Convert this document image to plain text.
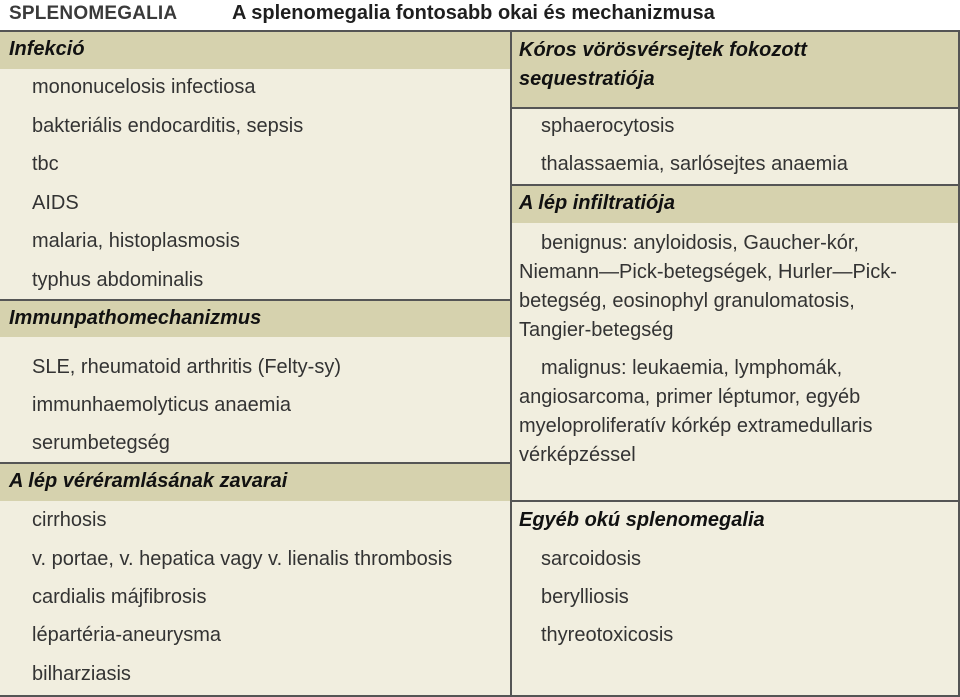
SPLENOMEGALIA	A splenomegalia fontosabb okai és mechanizmusa
Infekció
mononucelosis infectiosa
bakteriális endocarditis, sepsis
tbc
AIDS
malaria, histoplasmosis
typhus abdominalis
Immunpathomechanizmus
SLE, rheumatoid arthritis (Felty-sy)
immunhaemolyticus anaemia
serumbetegség
A lép véréramlásának zavarai
cirrhosis
v. portae, v. hepatica vagy v. lienalis thrombosis
cardialis májfibrosis
lépartéria-aneurysma
bilharziasis
Kóros vörösvérsejtek fokozott
sequestratiója
sphaerocytosis
thalassaemia, sarlósejtes anaemia
A lép infiltratiója
benignus: anyloidosis, Gaucher-kór,
Niemann—Pick-betegségek, Hurler—Pick-
betegség, eosinophyl granulomatosis,
Tangier-betegség
malignus: leukaemia, lymphomák,
angiosarcoma, primer léptumor, egyéb
myeloproliferatív kórkép extramedullaris
vérképzéssel
Egyéb okú splenomegalia
sarcoidosis
berylliosis
thyreotoxicosis
